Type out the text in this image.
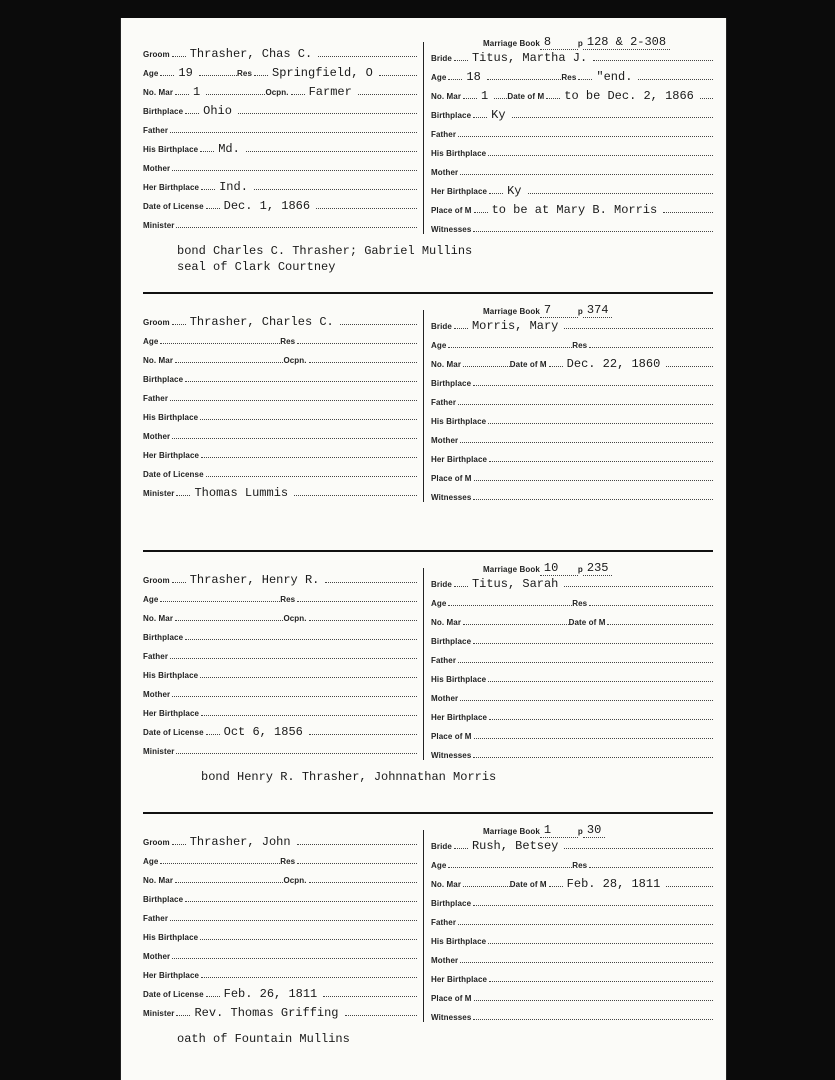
Marriage Book 8	p 128 & 2-308
Groom	Thrasher, Chas C.
Age	19	Res	Springfield, O
No. Mar	1	Ocpn.	Farmer
Birthplace	Ohio
Father
His Birthplace	Md.
Mother
Her Birthplace	Ind.
Date of License	Dec. 1, 1866
Minister
Bride	Titus, Martha J.
Age	18	Res	"end.
No. Mar	1	Date of M	to be Dec. 2, 1866
Birthplace	Ky
Father
His Birthplace
Mother
Her Birthplace	Ky
Place of M	to be at Mary B. Morris
Witnesses
bond Charles C. Thrasher; Gabriel Mullins
seal of Clark Courtney
Marriage Book 7	p 374
Groom	Thrasher, Charles C.
Age	Res
No. Mar	Ocpn.
Birthplace
Father
His Birthplace
Mother
Her Birthplace
Date of License
Minister	Thomas Lummis
Bride	Morris, Mary
Age	Res
No. Mar	Date of M	Dec. 22, 1860
Birthplace
Father
His Birthplace
Mother
Her Birthplace
Place of M
Witnesses
Marriage Book 10	p 235
Groom	Thrasher, Henry R.
Age	Res
No. Mar	Ocpn.
Birthplace
Father
His Birthplace
Mother
Her Birthplace
Date of License	Oct 6, 1856
Minister
Bride	Titus, Sarah
Age	Res
No. Mar	Date of M
Birthplace
Father
His Birthplace
Mother
Her Birthplace
Place of M
Witnesses
bond Henry R. Thrasher, Johnnathan Morris
Marriage Book 1	p 30
Groom	Thrasher, John
Age	Res
No. Mar	Ocpn.
Birthplace
Father
His Birthplace
Mother
Her Birthplace
Date of License	Feb. 26, 1811
Minister	Rev. Thomas Griffing
Bride	Rush, Betsey
Age	Res
No. Mar	Date of M	Feb. 28, 1811
Birthplace
Father
His Birthplace
Mother
Her Birthplace
Place of M
Witnesses
oath of Fountain Mullins
